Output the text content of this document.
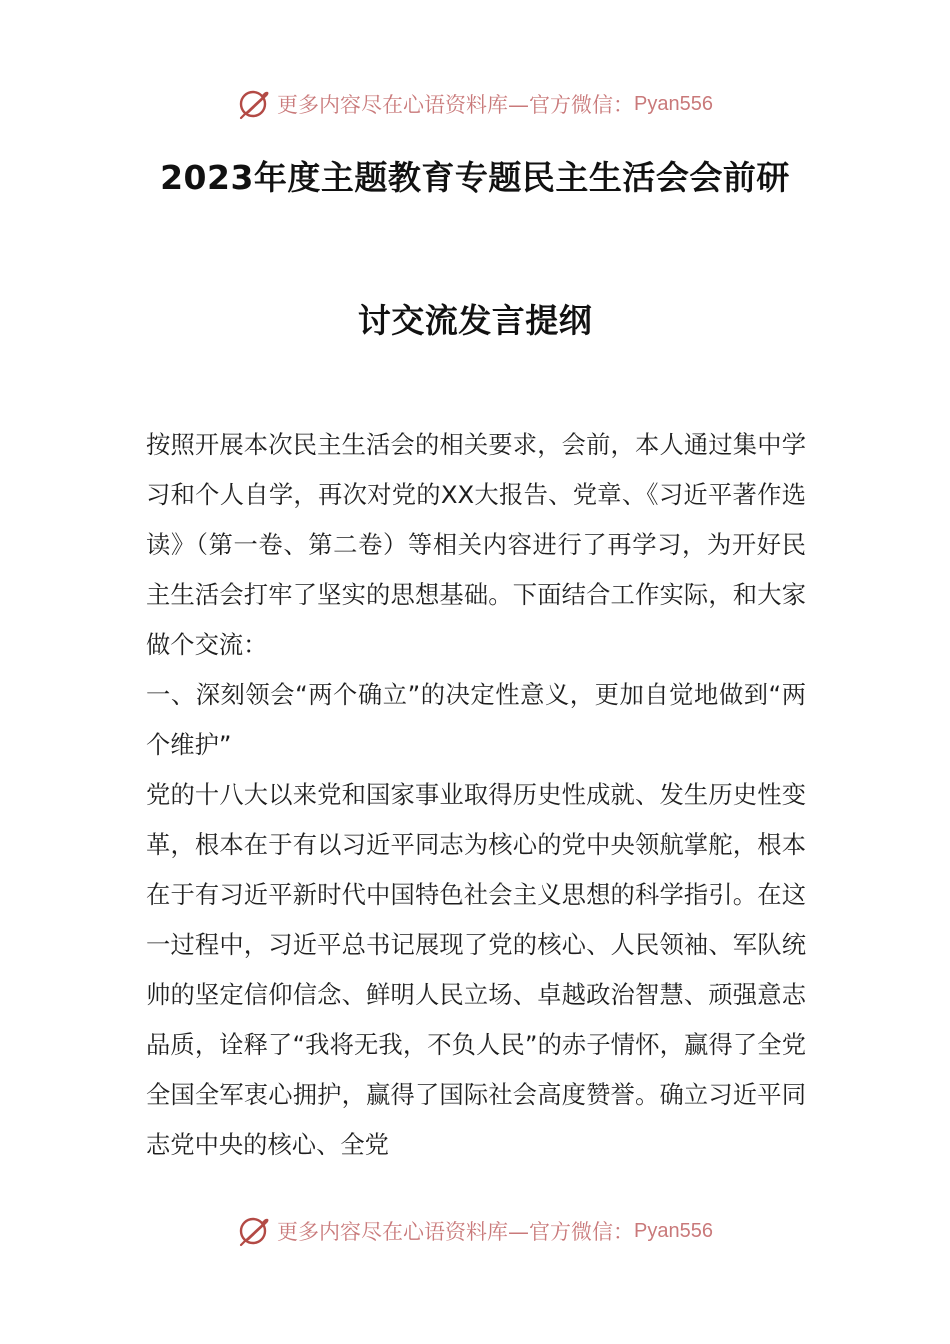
更多内容尽在心语资料库—官方微信： Pyan556
2023年度主题教育专题民主生活会会前研
讨交流发言提纲

按照开展本次民主生活会的相关要求，会前，本人通过集中学习和个人自学，再次对党的XX大报告、党章、《习近平著作选读》（第一卷、第二卷）等相关内容进行了再学习，为开好民主生活会打牢了坚实的思想基础。下面结合工作实际，和大家做个交流：

一、深刻领会“两个确立”的决定性意义，更加自觉地做到“两个维护”

党的十八大以来党和国家事业取得历史性成就、发生历史性变革，根本在于有以习近平同志为核心的党中央领航掌舵，根本在于有习近平新时代中国特色社会主义思想的科学指引。在这一过程中，习近平总书记展现了党的核心、人民领袖、军队统帅的坚定信仰信念、鲜明人民立场、卓越政治智慧、顽强意志品质，诠释了“我将无我，不负人民”的赤子情怀，赢得了全党全国全军衷心拥护，赢得了国际社会高度赞誉。确立习近平同志党中央的核心、全党

更多内容尽在心语资料库—官方微信： Pyan556
